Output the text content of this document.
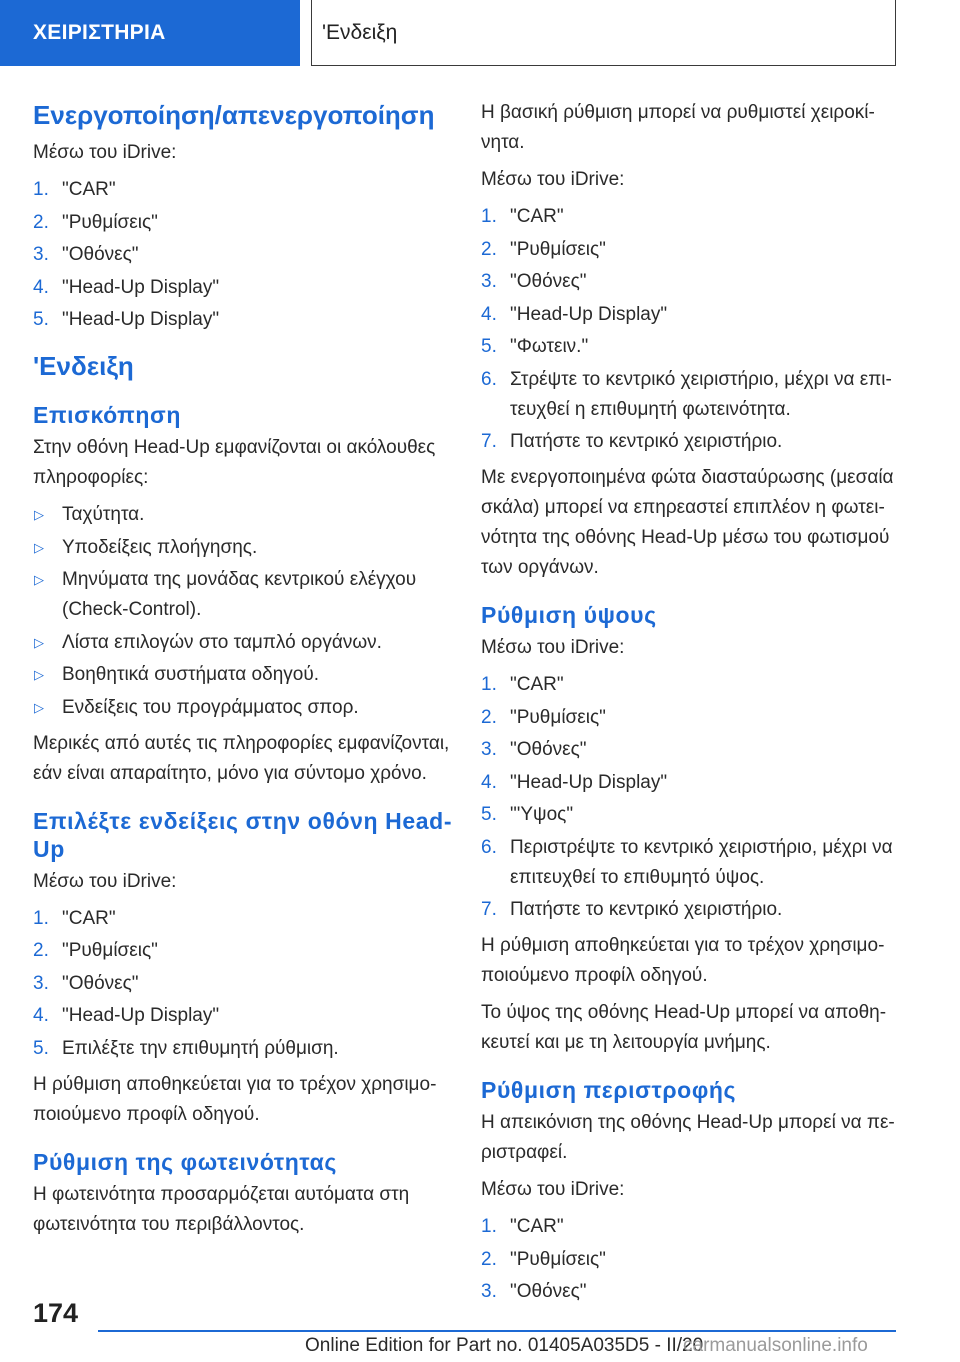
ΧΕΙΡΙΣΤΗΡΙΑ	'Ενδειξη
Ενεργοποίηση/απενεργοποίηση

Μέσω του iDrive:

1. "CAR"
2. "Ρυθμίσεις"
3. "Οθόνες"
4. "Head-Up Display"
5. "Head-Up Display"
'Ενδειξη
Επισκόπηση

Στην οθόνη Head-Up εμφανίζονται οι ακόλουθες πληροφορίες:

▷ Ταχύτητα.
▷ Υποδείξεις πλοήγησης.
▷ Μηνύματα της μονάδας κεντρικού ελέγχου (Check-Control).
▷ Λίστα επιλογών στο ταμπλό οργάνων.
▷ Βοηθητικά συστήματα οδηγού.
▷ Ενδείξεις του προγράμματος σπορ.

Μερικές από αυτές τις πληροφορίες εμφανίζονται, εάν είναι απαραίτητο, μόνο για σύντομο χρόνο.

Επιλέξτε ενδείξεις στην οθόνη Head-Up

Μέσω του iDrive:

1. "CAR"
2. "Ρυθμίσεις"
3. "Οθόνες"
4. "Head-Up Display"
5. Επιλέξτε την επιθυμητή ρύθμιση.

Η ρύθμιση αποθηκεύεται για το τρέχον χρησιμοποιούμενο προφίλ οδηγού.

Ρύθμιση της φωτεινότητας

Η φωτεινότητα προσαρμόζεται αυτόματα στη φωτεινότητα του περιβάλλοντος.

Η βασική ρύθμιση μπορεί να ρυθμιστεί χειροκίνητα.

Μέσω του iDrive:

1. "CAR"
2. "Ρυθμίσεις"
3. "Οθόνες"
4. "Head-Up Display"
5. "Φωτειν."
6. Στρέψτε το κεντρικό χειριστήριο, μέχρι να επιτευχθεί η επιθυμητή φωτεινότητα.
7. Πατήστε το κεντρικό χειριστήριο.

Με ενεργοποιημένα φώτα διασταύρωσης (μεσαία σκάλα) μπορεί να επηρεαστεί επιπλέον η φωτεινότητα της οθόνης Head-Up μέσω του φωτισμού των οργάνων.

Ρύθμιση ύψους

Μέσω του iDrive:

1. "CAR"
2. "Ρυθμίσεις"
3. "Οθόνες"
4. "Head-Up Display"
5. "'Υψος"
6. Περιστρέψτε το κεντρικό χειριστήριο, μέχρι να επιτευχθεί το επιθυμητό ύψος.
7. Πατήστε το κεντρικό χειριστήριο.

Η ρύθμιση αποθηκεύεται για το τρέχον χρησιμοποιούμενο προφίλ οδηγού.

Το ύψος της οθόνης Head-Up μπορεί να αποθηκευτεί και με τη λειτουργία μνήμης.

Ρύθμιση περιστροφής

Η απεικόνιση της οθόνης Head-Up μπορεί να περιστραφεί.

Μέσω του iDrive:

1. "CAR"
2. "Ρυθμίσεις"
3. "Οθόνες"
174
Online Edition for Part no. 01405A035D5 - II/20
carmanualsonline.info
